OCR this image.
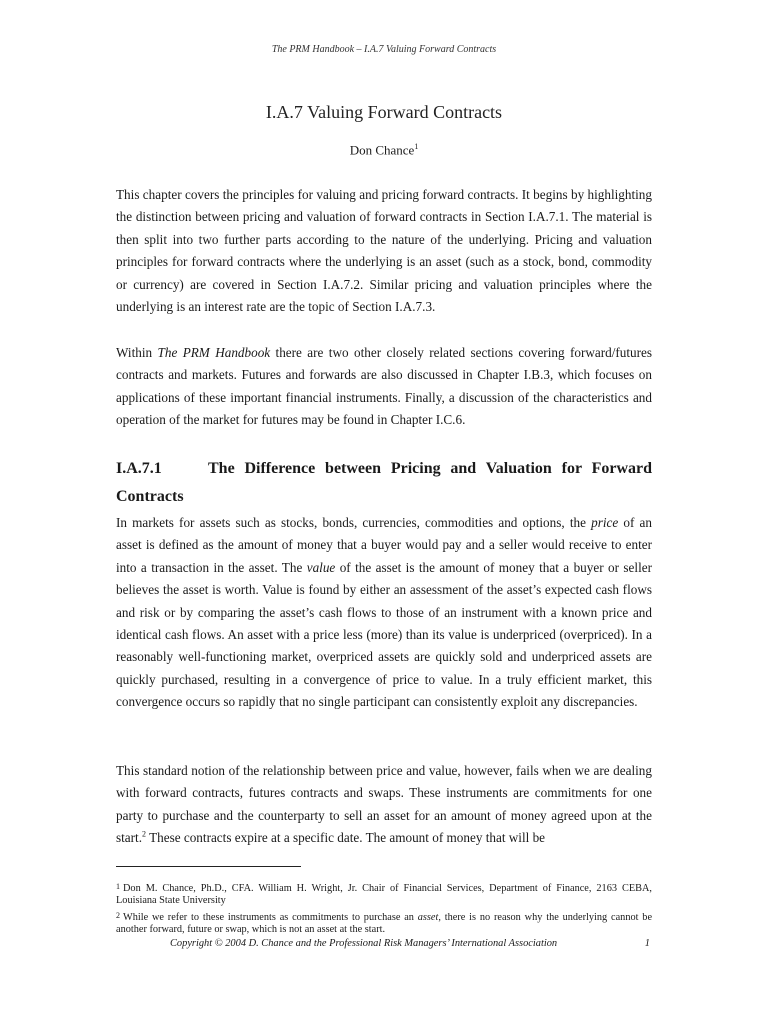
The PRM Handbook – I.A.7 Valuing Forward Contracts
I.A.7 Valuing Forward Contracts
Don Chance$^1$

This chapter covers the principles for valuing and pricing forward contracts. It begins by highlighting the distinction between pricing and valuation of forward contracts in Section I.A.7.1. The material is then split into two further parts according to the nature of the underlying. Pricing and valuation principles for forward contracts where the underlying is an asset (such as a stock, bond, commodity or currency) are covered in Section I.A.7.2. Similar pricing and valuation principles where the underlying is an interest rate are the topic of Section I.A.7.3.

Within The PRM Handbook there are two other closely related sections covering forward/futures contracts and markets. Futures and forwards are also discussed in Chapter I.B.3, which focuses on applications of these important financial instruments. Finally, a discussion of the characteristics and operation of the market for futures may be found in Chapter I.C.6.

I.A.7.1	The Difference between Pricing and Valuation for Forward Contracts

In markets for assets such as stocks, bonds, currencies, commodities and options, the price of an asset is defined as the amount of money that a buyer would pay and a seller would receive to enter into a transaction in the asset. The value of the asset is the amount of money that a buyer or seller believes the asset is worth. Value is found by either an assessment of the asset’s expected cash flows and risk or by comparing the asset’s cash flows to those of an instrument with a known price and identical cash flows. An asset with a price less (more) than its value is underpriced (overpriced). In a reasonably well-functioning market, overpriced assets are quickly sold and underpriced assets are quickly purchased, resulting in a convergence of price to value. In a truly efficient market, this convergence occurs so rapidly that no single participant can consistently exploit any discrepancies.

This standard notion of the relationship between price and value, however, fails when we are dealing with forward contracts, futures contracts and swaps. These instruments are commitments for one party to purchase and the counterparty to sell an asset for an amount of money agreed upon at the start.$^2$ These contracts expire at a specific date. The amount of money that will be

1 Don M. Chance, Ph.D., CFA. William H. Wright, Jr. Chair of Financial Services, Department of Finance, 2163 CEBA, Louisiana State University

2 While we refer to these instruments as commitments to purchase an asset, there is no reason why the underlying cannot be another forward, future or swap, which is not an asset at the start.

Copyright © 2004 D. Chance and the Professional Risk Managers’ International Association	1
